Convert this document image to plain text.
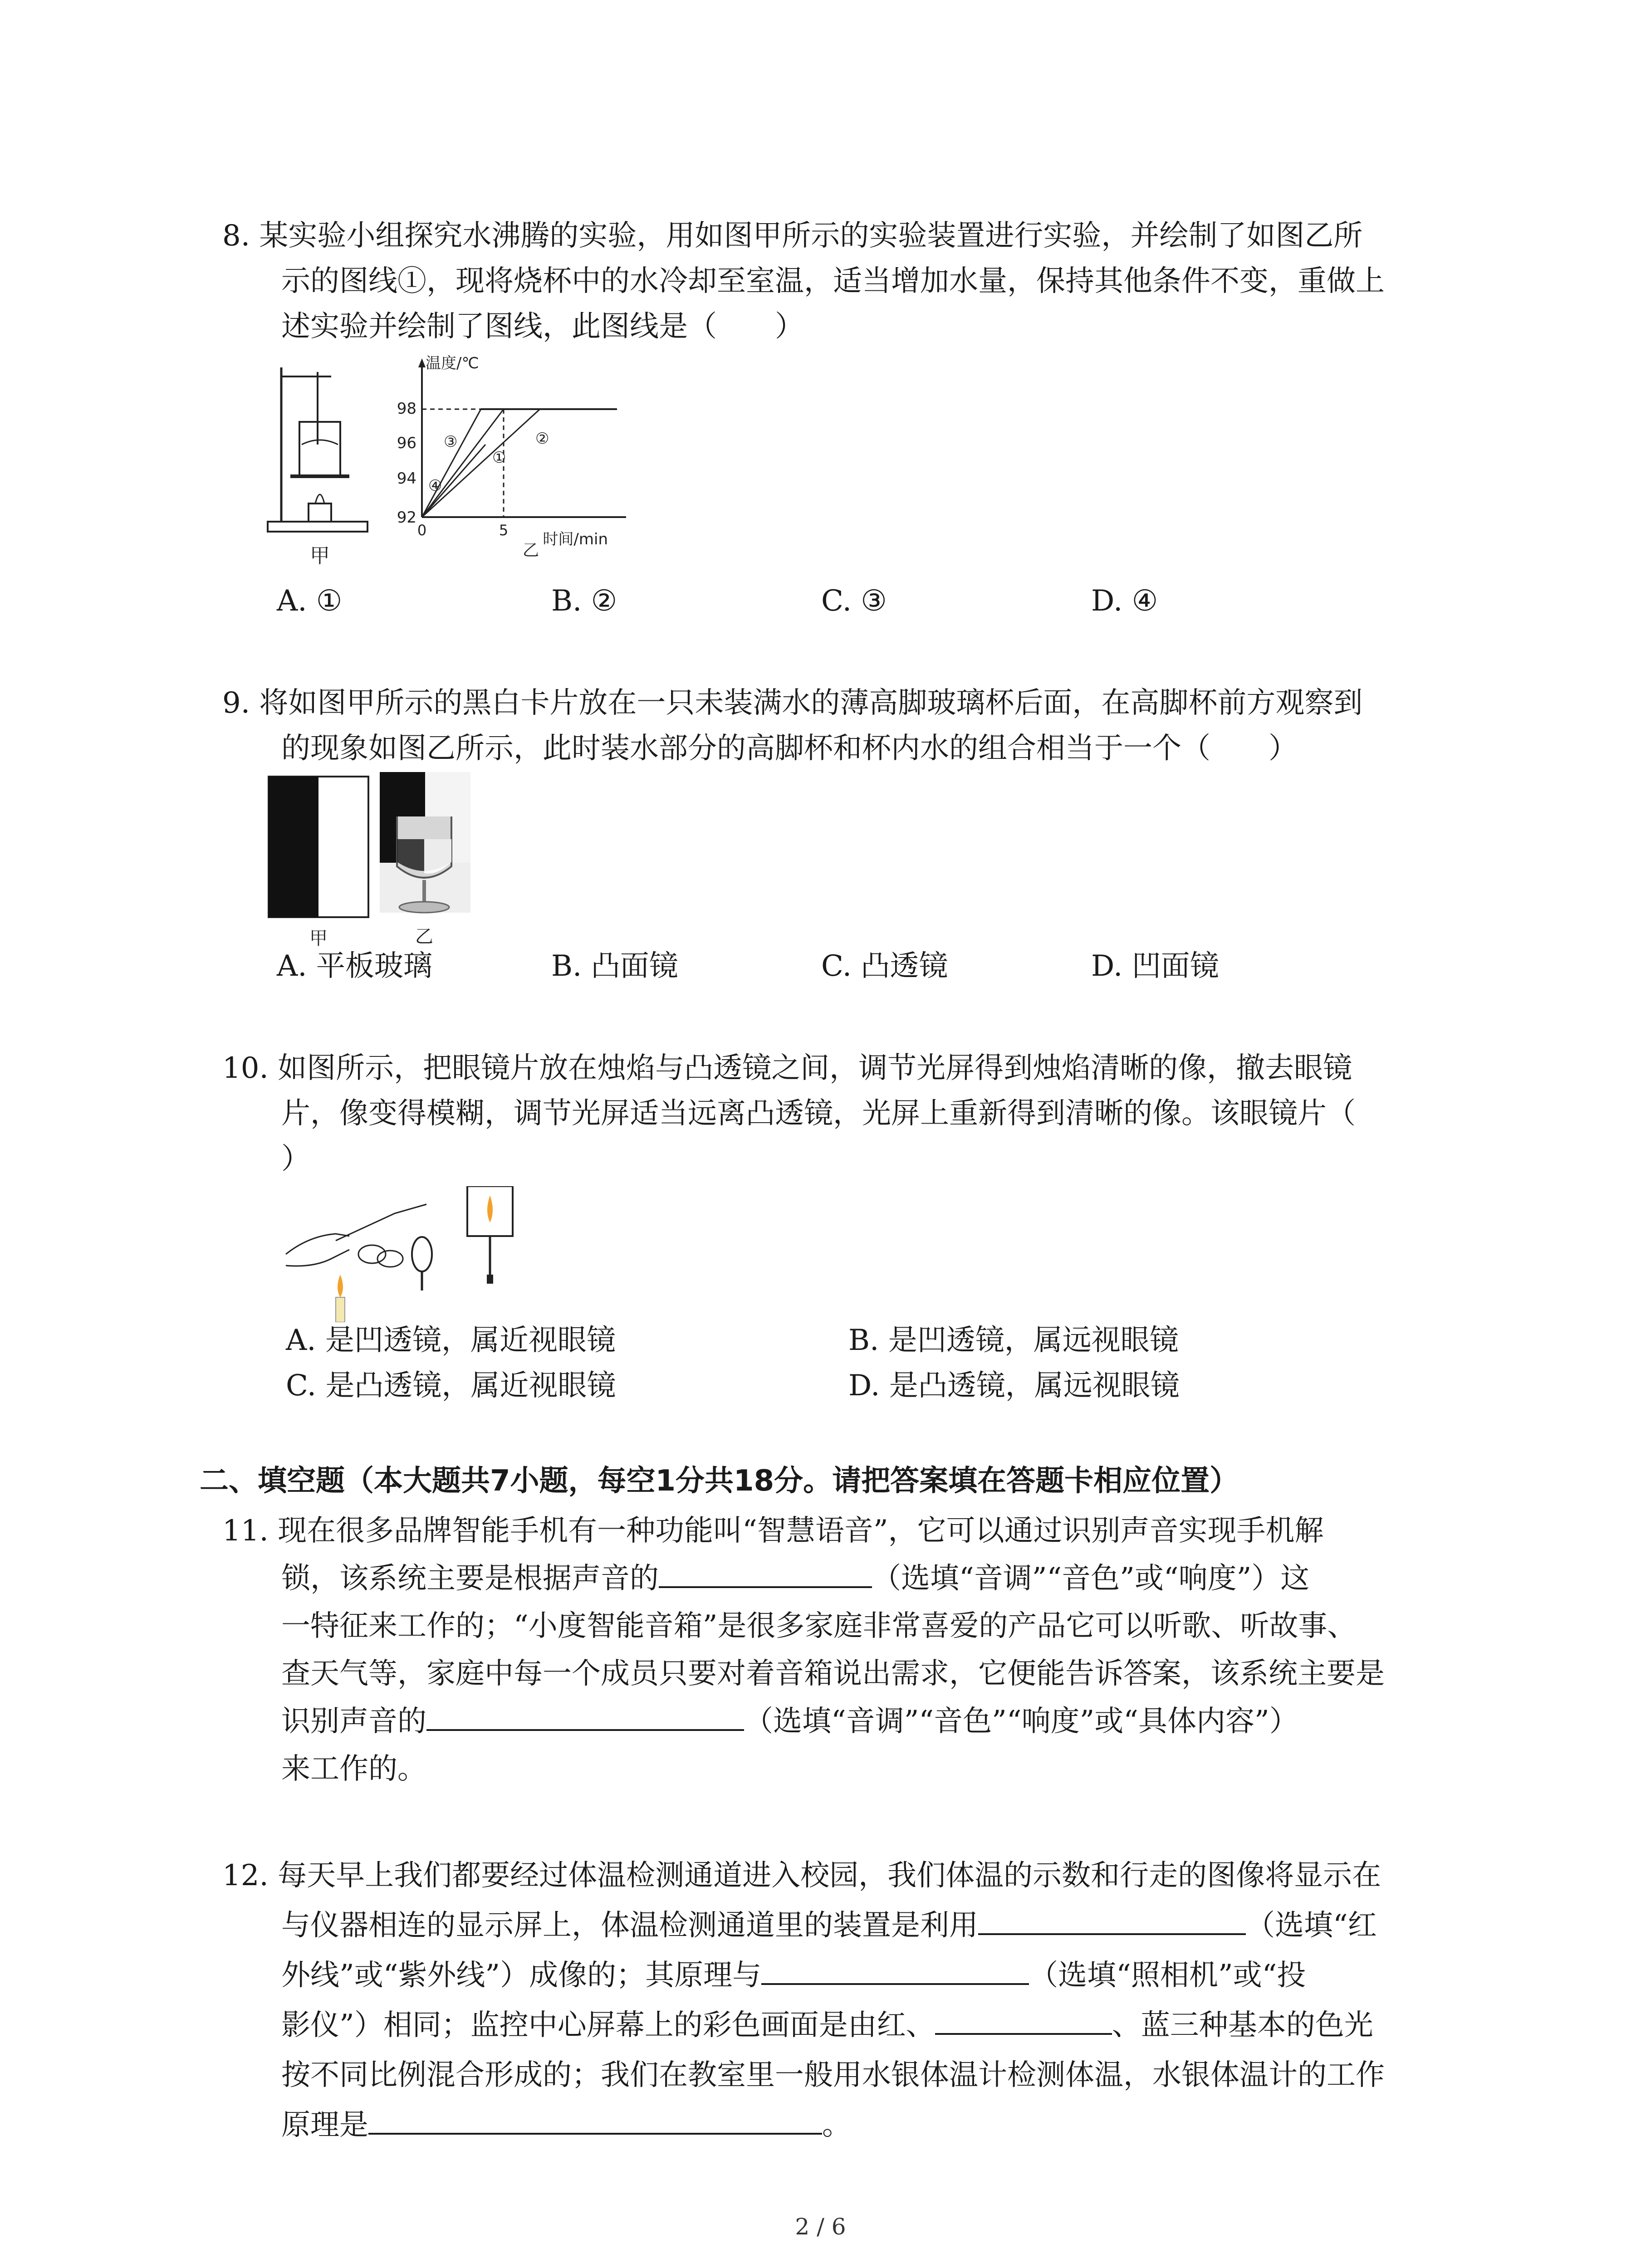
8. 某实验小组探究水沸腾的实验，用如图甲所示的实验装置进行实验，并绘制了如图乙所
示的图线①，现将烧杯中的水冷却至室温，适当增加水量，保持其他条件不变，重做上
述实验并绘制了图线，此图线是（　　）
甲
温度/℃
时间/min
乙
98
96
94
92
0	5
①
②
③
④
A. ①	B. ②	C. ③	D. ④
9. 将如图甲所示的黑白卡片放在一只未装满水的薄高脚玻璃杯后面，在高脚杯前方观察到
的现象如图乙所示，此时装水部分的高脚杯和杯内水的组合相当于一个（　　）
甲	乙
A. 平板玻璃	B. 凸面镜	C. 凸透镜	D. 凹面镜
10. 如图所示，把眼镜片放在烛焰与凸透镜之间，调节光屏得到烛焰清晰的像，撤去眼镜
片，像变得模糊，调节光屏适当远离凸透镜，光屏上重新得到清晰的像。该眼镜片（
）
A. 是凹透镜，属近视眼镜	B. 是凹透镜，属远视眼镜
C. 是凸透镜，属近视眼镜	D. 是凸透镜，属远视眼镜
二、填空题（本大题共7小题，每空1分共18分。请把答案填在答题卡相应位置）
11. 现在很多品牌智能手机有一种功能叫“智慧语音”，它可以通过识别声音实现手机解
锁，该系统主要是根据声音的	（选填“音调”“音色”或“响度”）这
一特征来工作的；“小度智能音箱”是很多家庭非常喜爱的产品它可以听歌、听故事、
查天气等，家庭中每一个成员只要对着音箱说出需求，它便能告诉答案，该系统主要是
识别声音的	（选填“音调”“音色”“响度”或“具体内容”）
来工作的。
12. 每天早上我们都要经过体温检测通道进入校园，我们体温的示数和行走的图像将显示在
与仪器相连的显示屏上，体温检测通道里的装置是利用	（选填“红
外线”或“紫外线”）成像的；其原理与	（选填“照相机”或“投
影仪”）相同；监控中心屏幕上的彩色画面是由红、	、蓝三种基本的色光
按不同比例混合形成的；我们在教室里一般用水银体温计检测体温，水银体温计的工作
原理是	。
2 / 6
